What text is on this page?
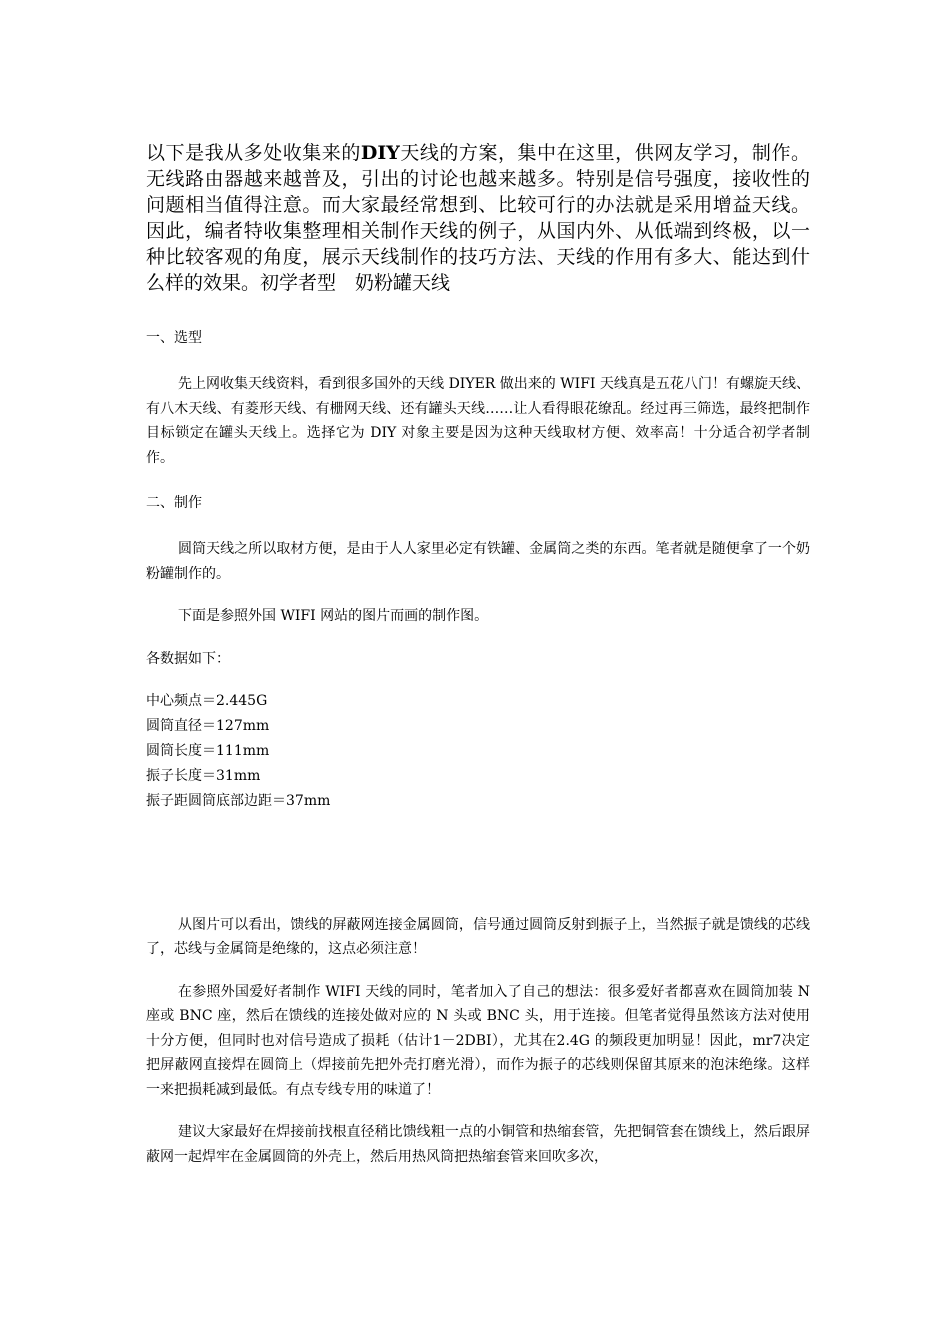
以下是我从多处收集来的DIY天线的方案，集中在这里，供网友学习，制作。无线路由器越来越普及，引出的讨论也越来越多。特别是信号强度，接收性的问题相当值得注意。而大家最经常想到、比较可行的办法就是采用增益天线。因此，编者特收集整理相关制作天线的例子，从国内外、从低端到终极，以一种比较客观的角度，展示天线制作的技巧方法、天线的作用有多大、能达到什么样的效果。初学者型　奶粉罐天线

一、选型

先上网收集天线资料，看到很多国外的天线 DIYER 做出来的 WIFI 天线真是五花八门！有螺旋天线、有八木天线、有菱形天线、有栅网天线、还有罐头天线……让人看得眼花缭乱。经过再三筛选，最终把制作目标锁定在罐头天线上。选择它为 DIY 对象主要是因为这种天线取材方便、效率高！十分适合初学者制作。

二、制作

圆筒天线之所以取材方便，是由于人人家里必定有铁罐、金属筒之类的东西。笔者就是随便拿了一个奶粉罐制作的。

下面是参照外国 WIFI 网站的图片而画的制作图。

各数据如下：

中心频点＝2.445G
圆筒直径＝127mm
圆筒长度＝111mm
振子长度＝31mm
振子距圆筒底部边距＝37mm

从图片可以看出，馈线的屏蔽网连接金属圆筒，信号通过圆筒反射到振子上，当然振子就是馈线的芯线了，芯线与金属筒是绝缘的，这点必须注意！

在参照外国爱好者制作 WIFI 天线的同时，笔者加入了自己的想法：很多爱好者都喜欢在圆筒加装 N 座或 BNC 座，然后在馈线的连接处做对应的 N 头或 BNC 头，用于连接。但笔者觉得虽然该方法对使用十分方便，但同时也对信号造成了损耗（估计1－2DBI），尤其在2.4G 的频段更加明显！因此，mr7决定把屏蔽网直接焊在圆筒上（焊接前先把外壳打磨光滑），而作为振子的芯线则保留其原来的泡沫绝缘。这样一来把损耗减到最低。有点专线专用的味道了！

建议大家最好在焊接前找根直径稍比馈线粗一点的小铜管和热缩套管，先把铜管套在馈线上，然后跟屏蔽网一起焊牢在金属圆筒的外壳上，然后用热风筒把热缩套管来回吹多次，
